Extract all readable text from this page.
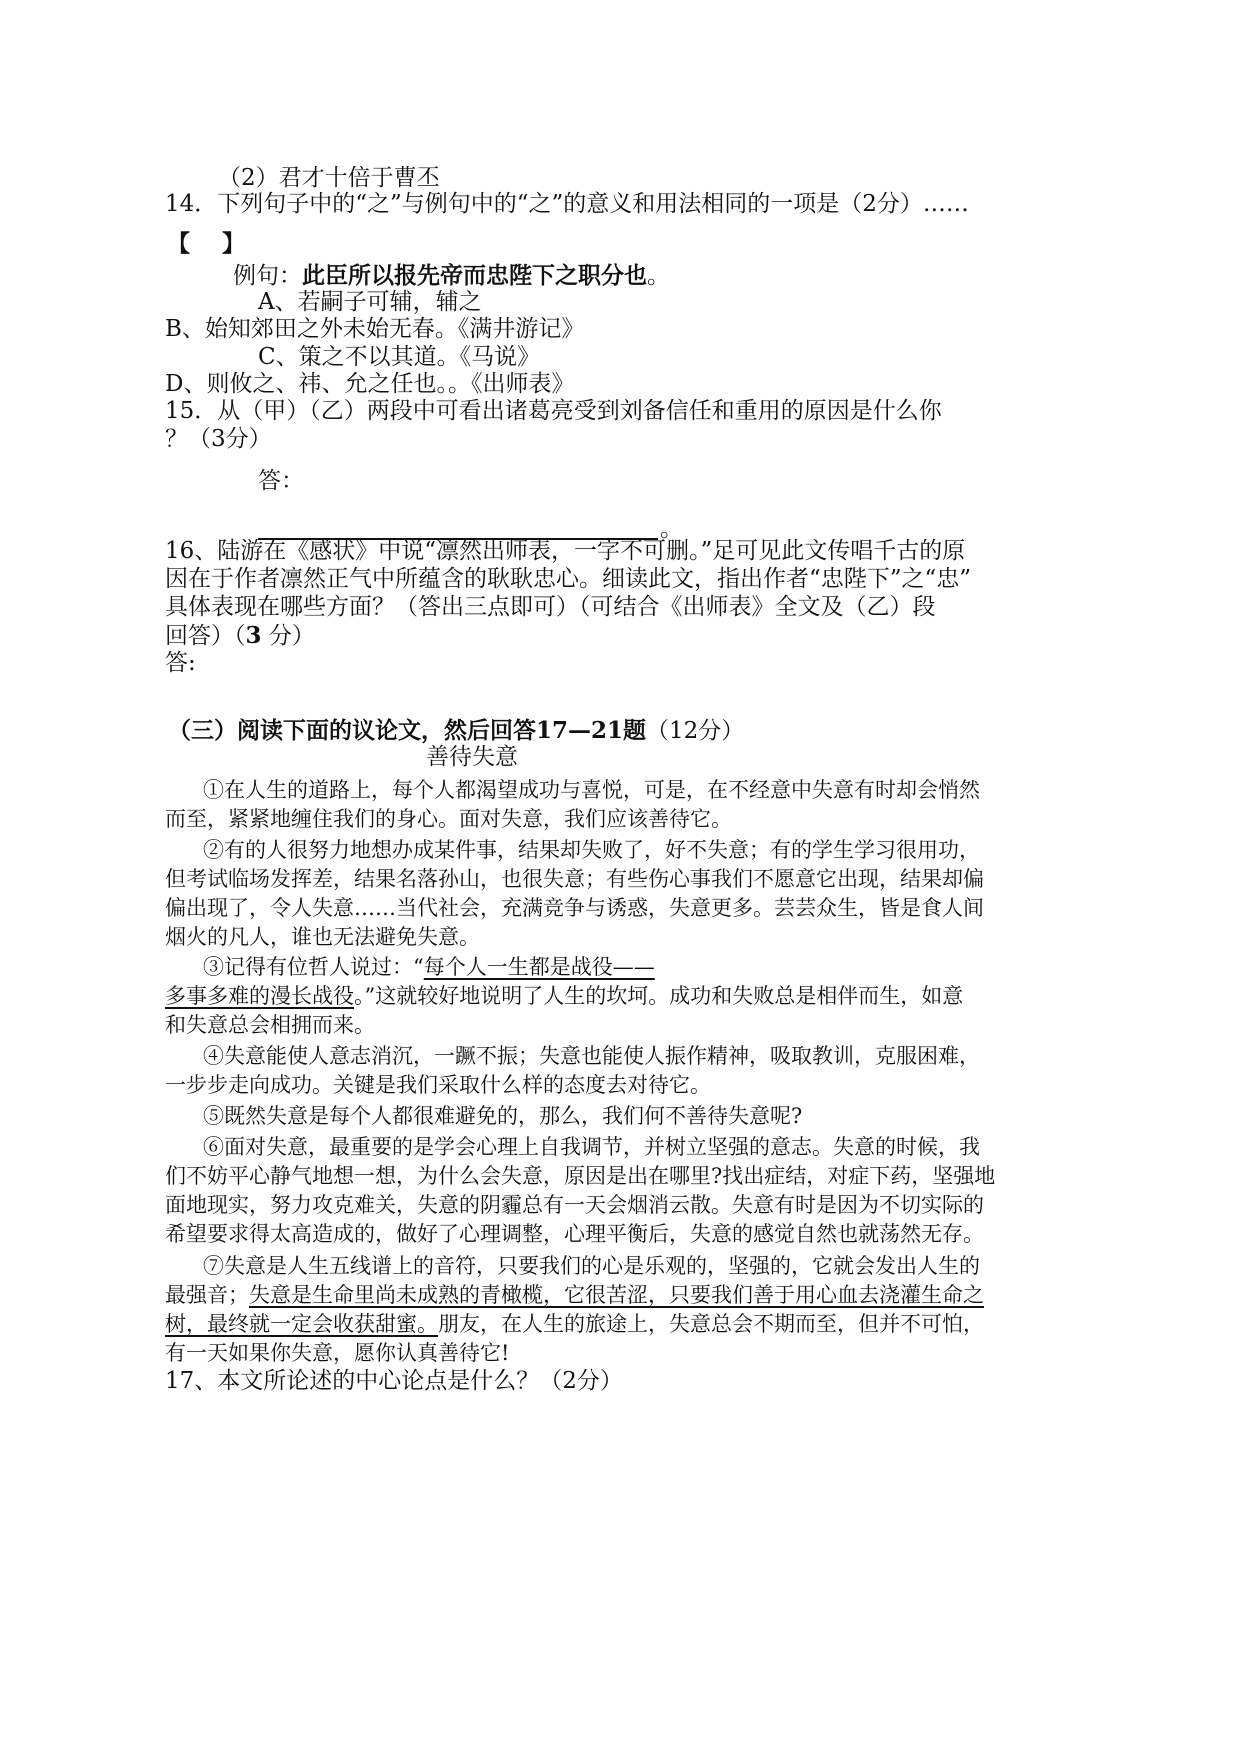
（2）君才十倍于曹丕
14．下列句子中的“之”与例句中的“之”的意义和用法相同的一项是（2分）……
【    】
例句：此臣所以报先帝而忠陛下之职分也。
A、若嗣子可辅，辅之
B、始知郊田之外未始无春。《满井游记》
C、策之不以其道。《马说》
D、则攸之、祎、允之任也。。《出师表》
15．从（甲）（乙）两段中可看出诸葛亮受到刘备信任和重用的原因是什么你
？（3分）
答：
。
16、陆游在《感状》中说“凛然出师表，一字不可删。”足可见此文传唱千古的原
因在于作者凛然正气中所蕴含的耿耿忠心。细读此文，指出作者“忠陛下”之“忠”
具体表现在哪些方面？（答出三点即可）（可结合《出师表》全文及（乙）段
回答）（3 分）
答:
（三）阅读下面的议论文，然后回答17—21题（12分）
善待失意
①在人生的道路上，每个人都渴望成功与喜悦，可是，在不经意中失意有时却会悄然
而至，紧紧地缠住我们的身心。面对失意，我们应该善待它。
②有的人很努力地想办成某件事，结果却失败了，好不失意；有的学生学习很用功，
但考试临场发挥差，结果名落孙山，也很失意；有些伤心事我们不愿意它出现，结果却偏
偏出现了，令人失意……当代社会，充满竞争与诱惑，失意更多。芸芸众生，皆是食人间
烟火的凡人，谁也无法避免失意。
③记得有位哲人说过：“每个人一生都是战役——
多事多难的漫长战役。”这就较好地说明了人生的坎坷。成功和失败总是相伴而生，如意
和失意总会相拥而来。
④失意能使人意志消沉，一蹶不振；失意也能使人振作精神，吸取教训，克服困难，
一步步走向成功。关键是我们采取什么样的态度去对待它。
⑤既然失意是每个人都很难避免的，那么，我们何不善待失意呢?
⑥面对失意，最重要的是学会心理上自我调节，并树立坚强的意志。失意的时候，我
们不妨平心静气地想一想，为什么会失意，原因是出在哪里?找出症结，对症下药，坚强地
面地现实，努力攻克难关，失意的阴霾总有一天会烟消云散。失意有时是因为不切实际的
希望要求得太高造成的，做好了心理调整，心理平衡后，失意的感觉自然也就荡然无存。
⑦失意是人生五线谱上的音符，只要我们的心是乐观的，坚强的，它就会发出人生的
最强音；失意是生命里尚未成熟的青橄榄，它很苦涩，只要我们善于用心血去浇灌生命之
树，最终就一定会收获甜蜜。朋友，在人生的旅途上，失意总会不期而至，但并不可怕，
有一天如果你失意，愿你认真善待它!
17、本文所论述的中心论点是什么？（2分）
